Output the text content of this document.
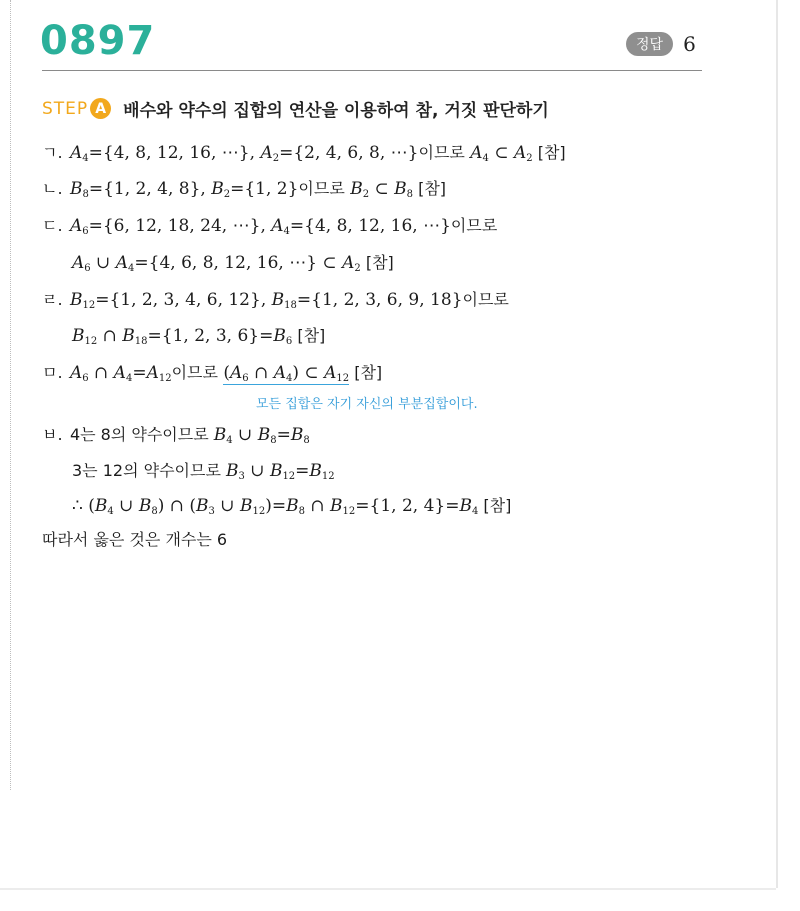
0897	정답	6
STEP A 배수와 약수의 집합의 연산을 이용하여 참, 거짓 판단하기
ㄱ. $A_4=\{4$, 8, 12, 16, ⋯}, $A_2=\{2$, 4, 6, 8, ⋯}이므로 $A_4$ ⊂ $A_2$ [참]
ㄴ. $B_8=\{1$, 2, 4, 8}, $B_2=\{1$, 2}이므로 $B_2$ ⊂ $B_8$ [참]
ㄷ. $A_6=\{6$, 12, 18, 24, ⋯}, $A_4=\{4$, 8, 12, 16, ⋯}이므로
$A_6$ ∪ $A_4=\{4$, 6, 8, 12, 16, ⋯} ⊂ $A_2$ [참]
ㄹ. $B_{12}=\{1$, 2, 3, 4, 6, 12}, $B_{18}=\{1$, 2, 3, 6, 9, 18}이므로
$B_{12}$ ∩ $B_{18}=\{1$, 2, 3, $6\}=B_6$ [참]
ㅁ. $A_6$ ∩ $A_4=A_{12}$이므로 ($A_6$ ∩ $A_4$) ⊂ $A_{12}$ [참]
모든 집합은 자기 자신의 부분집합이다.
ㅂ. 4는 8의 약수이므로 $B_4$ ∪ $B_8=B_8$
3는 12의 약수이므로 $B_3$ ∪ $B_{12}=B_{12}$
∴ ($B_4$ ∪ $B_8$) ∩ ($B_3$ ∪ $B_{12})=B_8$ ∩ $B_{12}=\{1$, 2, $4\}=B_4$ [참]
따라서 옳은 것은 개수는 6
